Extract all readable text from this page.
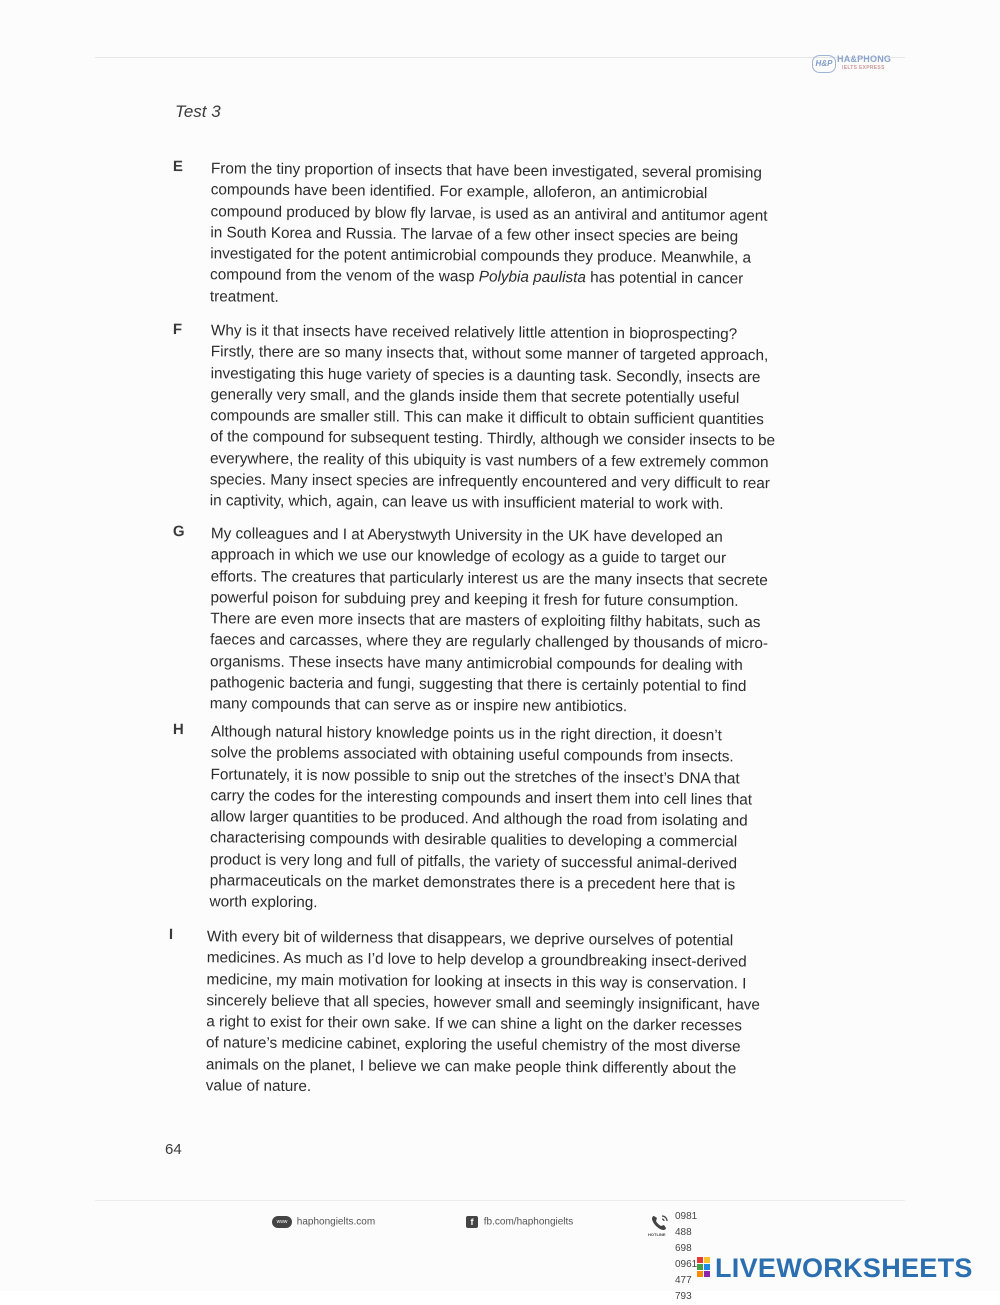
H&P HA&PHONG
IELTS EXPRESS
Test 3
E From the tiny proportion of insects that have been investigated, several promising
compounds have been identified. For example, alloferon, an antimicrobial
compound produced by blow fly larvae, is used as an antiviral and antitumor agent
in South Korea and Russia. The larvae of a few other insect species are being
investigated for the potent antimicrobial compounds they produce. Meanwhile, a
compound from the venom of the wasp Polybia paulista has potential in cancer
treatment.
F Why is it that insects have received relatively little attention in bioprospecting?
Firstly, there are so many insects that, without some manner of targeted approach,
investigating this huge variety of species is a daunting task. Secondly, insects are
generally very small, and the glands inside them that secrete potentially useful
compounds are smaller still. This can make it difficult to obtain sufficient quantities
of the compound for subsequent testing. Thirdly, although we consider insects to be
everywhere, the reality of this ubiquity is vast numbers of a few extremely common
species. Many insect species are infrequently encountered and very difficult to rear
in captivity, which, again, can leave us with insufficient material to work with.
G My colleagues and I at Aberystwyth University in the UK have developed an
approach in which we use our knowledge of ecology as a guide to target our
efforts. The creatures that particularly interest us are the many insects that secrete
powerful poison for subduing prey and keeping it fresh for future consumption.
There are even more insects that are masters of exploiting filthy habitats, such as
faeces and carcasses, where they are regularly challenged by thousands of micro-
organisms. These insects have many antimicrobial compounds for dealing with
pathogenic bacteria and fungi, suggesting that there is certainly potential to find
many compounds that can serve as or inspire new antibiotics.
H Although natural history knowledge points us in the right direction, it doesn’t
solve the problems associated with obtaining useful compounds from insects.
Fortunately, it is now possible to snip out the stretches of the insect’s DNA that
carry the codes for the interesting compounds and insert them into cell lines that
allow larger quantities to be produced. And although the road from isolating and
characterising compounds with desirable qualities to developing a commercial
product is very long and full of pitfalls, the variety of successful animal-derived
pharmaceuticals on the market demonstrates there is a precedent here that is
worth exploring.
I With every bit of wilderness that disappears, we deprive ourselves of potential
medicines. As much as I’d love to help develop a groundbreaking insect-derived
medicine, my main motivation for looking at insects in this way is conservation. I
sincerely believe that all species, however small and seemingly insignificant, have
a right to exist for their own sake. If we can shine a light on the darker recesses
of nature’s medicine cabinet, exploring the useful chemistry of the most diverse
animals on the planet, I believe we can make people think differently about the
value of nature.
64
www haphongielts.com	f fb.com/haphongielts
HOTLINE
0981 488 698
0961 477 793
LIVEWORKSHEETS
